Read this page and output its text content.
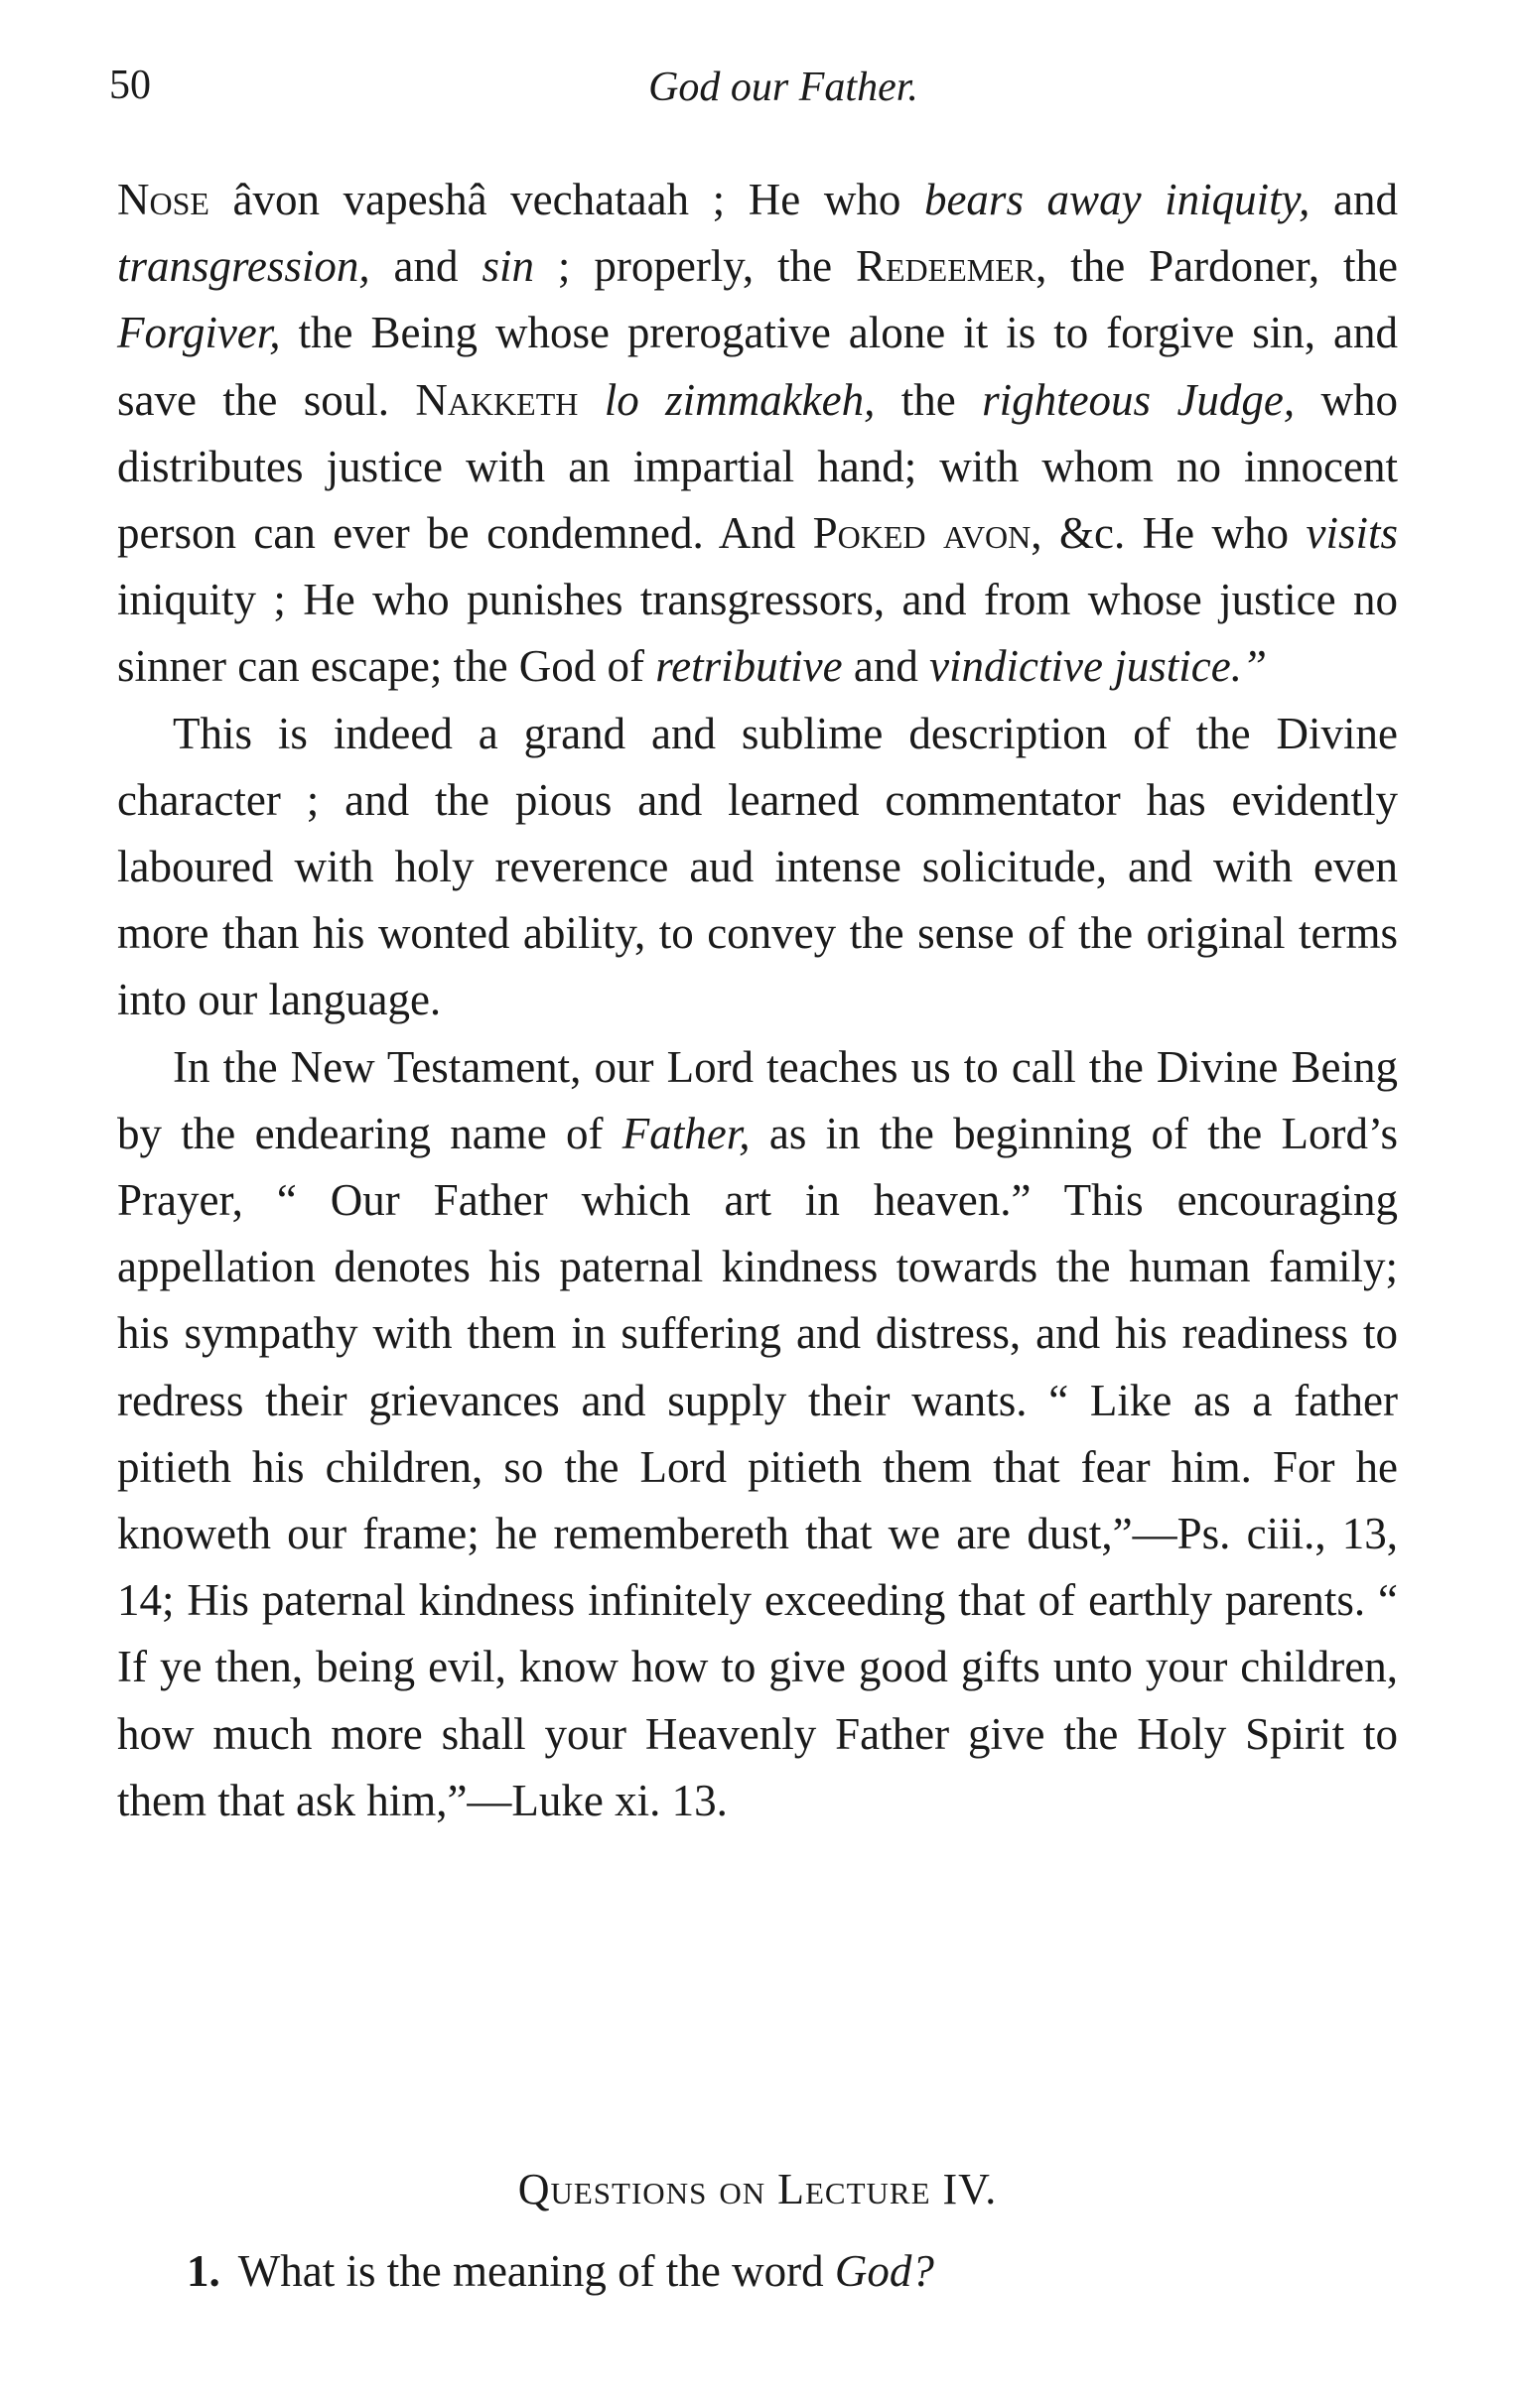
50	God our Father.

Nose âvon vapeshâ vechataah ; He who bears away iniquity, and transgression, and sin ; properly, the Redeemer, the Pardoner, the Forgiver, the Being whose prerogative alone it is to forgive sin, and save the soul. Nakketh lo zimmakkeh, the righteous Judge, who distributes justice with an impartial hand; with whom no innocent person can ever be condemned. And Poked avon, &c. He who visits iniquity ; He who punishes transgressors, and from whose justice no sinner can escape; the God of retributive and vindictive justice.”

This is indeed a grand and sublime description of the Divine character ; and the pious and learned commentator has evidently laboured with holy reverence aud intense solicitude, and with even more than his wonted ability, to convey the sense of the original terms into our language.

In the New Testament, our Lord teaches us to call the Divine Being by the endearing name of Father, as in the beginning of the Lord’s Prayer, “ Our Father which art in heaven.” This encouraging appellation denotes his paternal kindness towards the human family; his sympathy with them in suffering and distress, and his readiness to redress their grievances and supply their wants. “ Like as a father pitieth his children, so the Lord pitieth them that fear him. For he knoweth our frame; he remembereth that we are dust,”—Ps. ciii., 13, 14; His paternal kindness infinitely exceeding that of earthly parents. “ If ye then, being evil, know how to give good gifts unto your children, how much more shall your Heavenly Father give the Holy Spirit to them that ask him,”—Luke xi. 13.

Questions on Lecture IV.
1. What is the meaning of the word God?
